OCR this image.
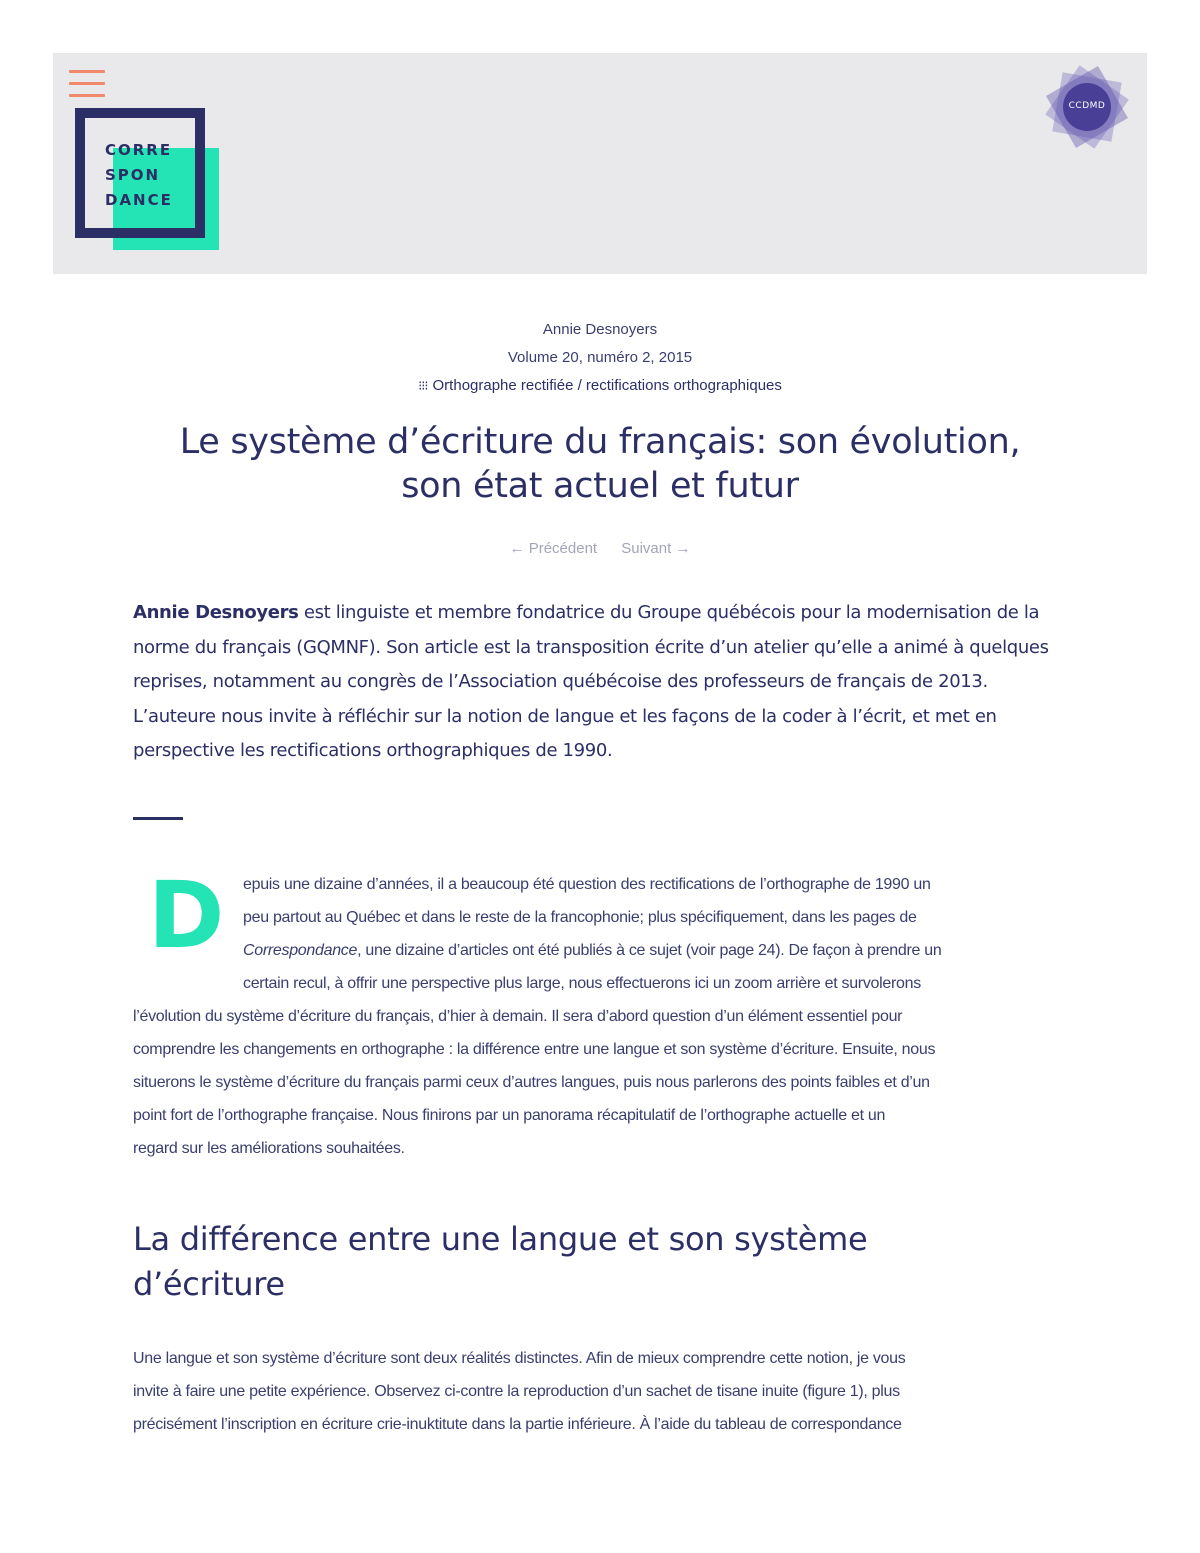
CORRE
SPON
DANCE
CCDMD
Annie Desnoyers
Volume 20, numéro 2, 2015
⁝⁝⁝ Orthographe rectifiée / rectifications orthographiques
Le système d’écriture du français: son évolution, son état actuel et futur
← Précédent Suivant →

Annie Desnoyers est linguiste et membre fondatrice du Groupe québécois pour la modernisation de la norme du français (GQMNF). Son article est la transposition écrite d’un atelier qu’elle a animé à quelques reprises, notamment au congrès de l’Association québécoise des professeurs de français de 2013. L’auteure nous invite à réfléchir sur la notion de langue et les façons de la coder à l’écrit, et met en perspective les rectifications orthographiques de 1990.

D	epuis une dizaine d’années, il a beaucoup été question des rectifications de l’orthographe de 1990 un
peu partout au Québec et dans le reste de la francophonie; plus spécifiquement, dans les pages de
Correspondance, une dizaine d’articles ont été publiés à ce sujet (voir page 24). De façon à prendre un
certain recul, à offrir une perspective plus large, nous effectuerons ici un zoom arrière et survolerons
l’évolution du système d’écriture du français, d’hier à demain. Il sera d’abord question d’un élément essentiel pour
comprendre les changements en orthographe : la différence entre une langue et son système d’écriture. Ensuite, nous
situerons le système d’écriture du français parmi ceux d’autres langues, puis nous parlerons des points faibles et d’un
point fort de l’orthographe française. Nous finirons par un panorama récapitulatif de l’orthographe actuelle et un
regard sur les améliorations souhaitées.
La différence entre une langue et son système d’écriture
Une langue et son système d’écriture sont deux réalités distinctes. Afin de mieux comprendre cette notion, je vous
invite à faire une petite expérience. Observez ci-contre la reproduction d’un sachet de tisane inuite (figure 1), plus
précisément l’inscription en écriture crie-inuktitute dans la partie inférieure. À l’aide du tableau de correspondance
